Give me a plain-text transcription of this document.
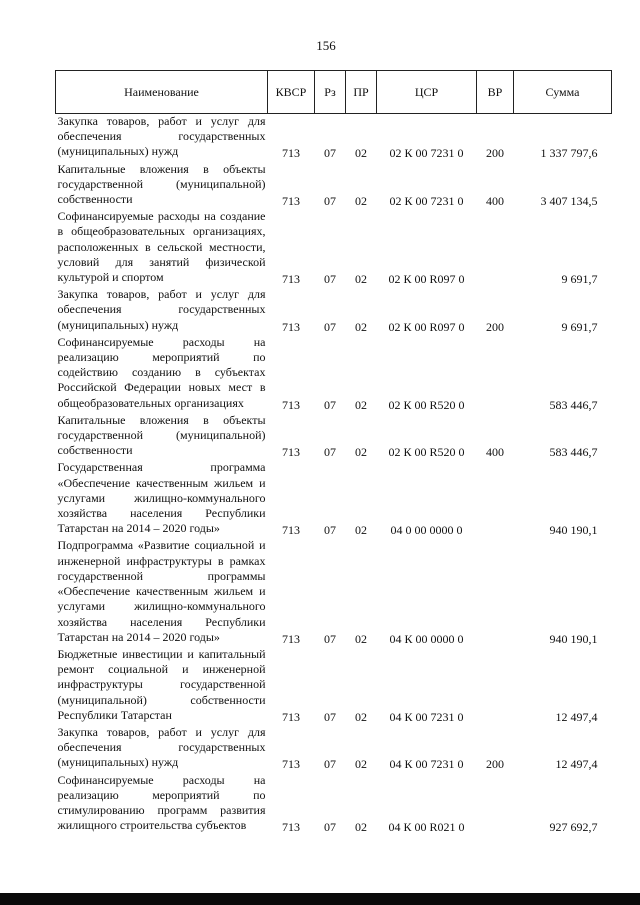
156
Наименование	КВСР	Рз	ПР	ЦСР	ВР	Сумма
Закупка товаров, работ и услуг для обеспечения государственных (муниципальных) нужд	713	07	02	02 К 00 7231 0	200	1 337 797,6
Капитальные вложения в объекты государственной (муниципальной) собственности	713	07	02	02 К 00 7231 0	400	3 407 134,5
Софинансируемые расходы на создание в общеобразовательных организациях, расположенных в сельской местности, условий для занятий физической культурой и спортом	713	07	02	02 К 00 R097 0		9 691,7
Закупка товаров, работ и услуг для обеспечения государственных (муниципальных) нужд	713	07	02	02 К 00 R097 0	200	9 691,7
Софинансируемые расходы на реализацию мероприятий по содействию созданию в субъектах Российской Федерации новых мест в общеобразовательных организациях	713	07	02	02 К 00 R520 0		583 446,7
Капитальные вложения в объекты государственной (муниципальной) собственности	713	07	02	02 К 00 R520 0	400	583 446,7
Государственная программа «Обеспечение качественным жильем и услугами жилищно-коммунального хозяйства населения Республики Татарстан на 2014 – 2020 годы»	713	07	02	04 0 00 0000 0		940 190,1
Подпрограмма «Развитие социальной и инженерной инфраструктуры в рамках государственной программы «Обеспечение качественным жильем и услугами жилищно-коммунального хозяйства населения Республики Татарстан на 2014 – 2020 годы»	713	07	02	04 К 00 0000 0		940 190,1
Бюджетные инвестиции и капитальный ремонт социальной и инженерной инфраструктуры государственной (муниципальной) собственности Республики Татарстан	713	07	02	04 К 00 7231 0		12 497,4
Закупка товаров, работ и услуг для обеспечения государственных (муниципальных) нужд	713	07	02	04 К 00 7231 0	200	12 497,4
Софинансируемые расходы на реализацию мероприятий по стимулированию программ развития жилищного строительства субъектов	713	07	02	04 К 00 R021 0		927 692,7
